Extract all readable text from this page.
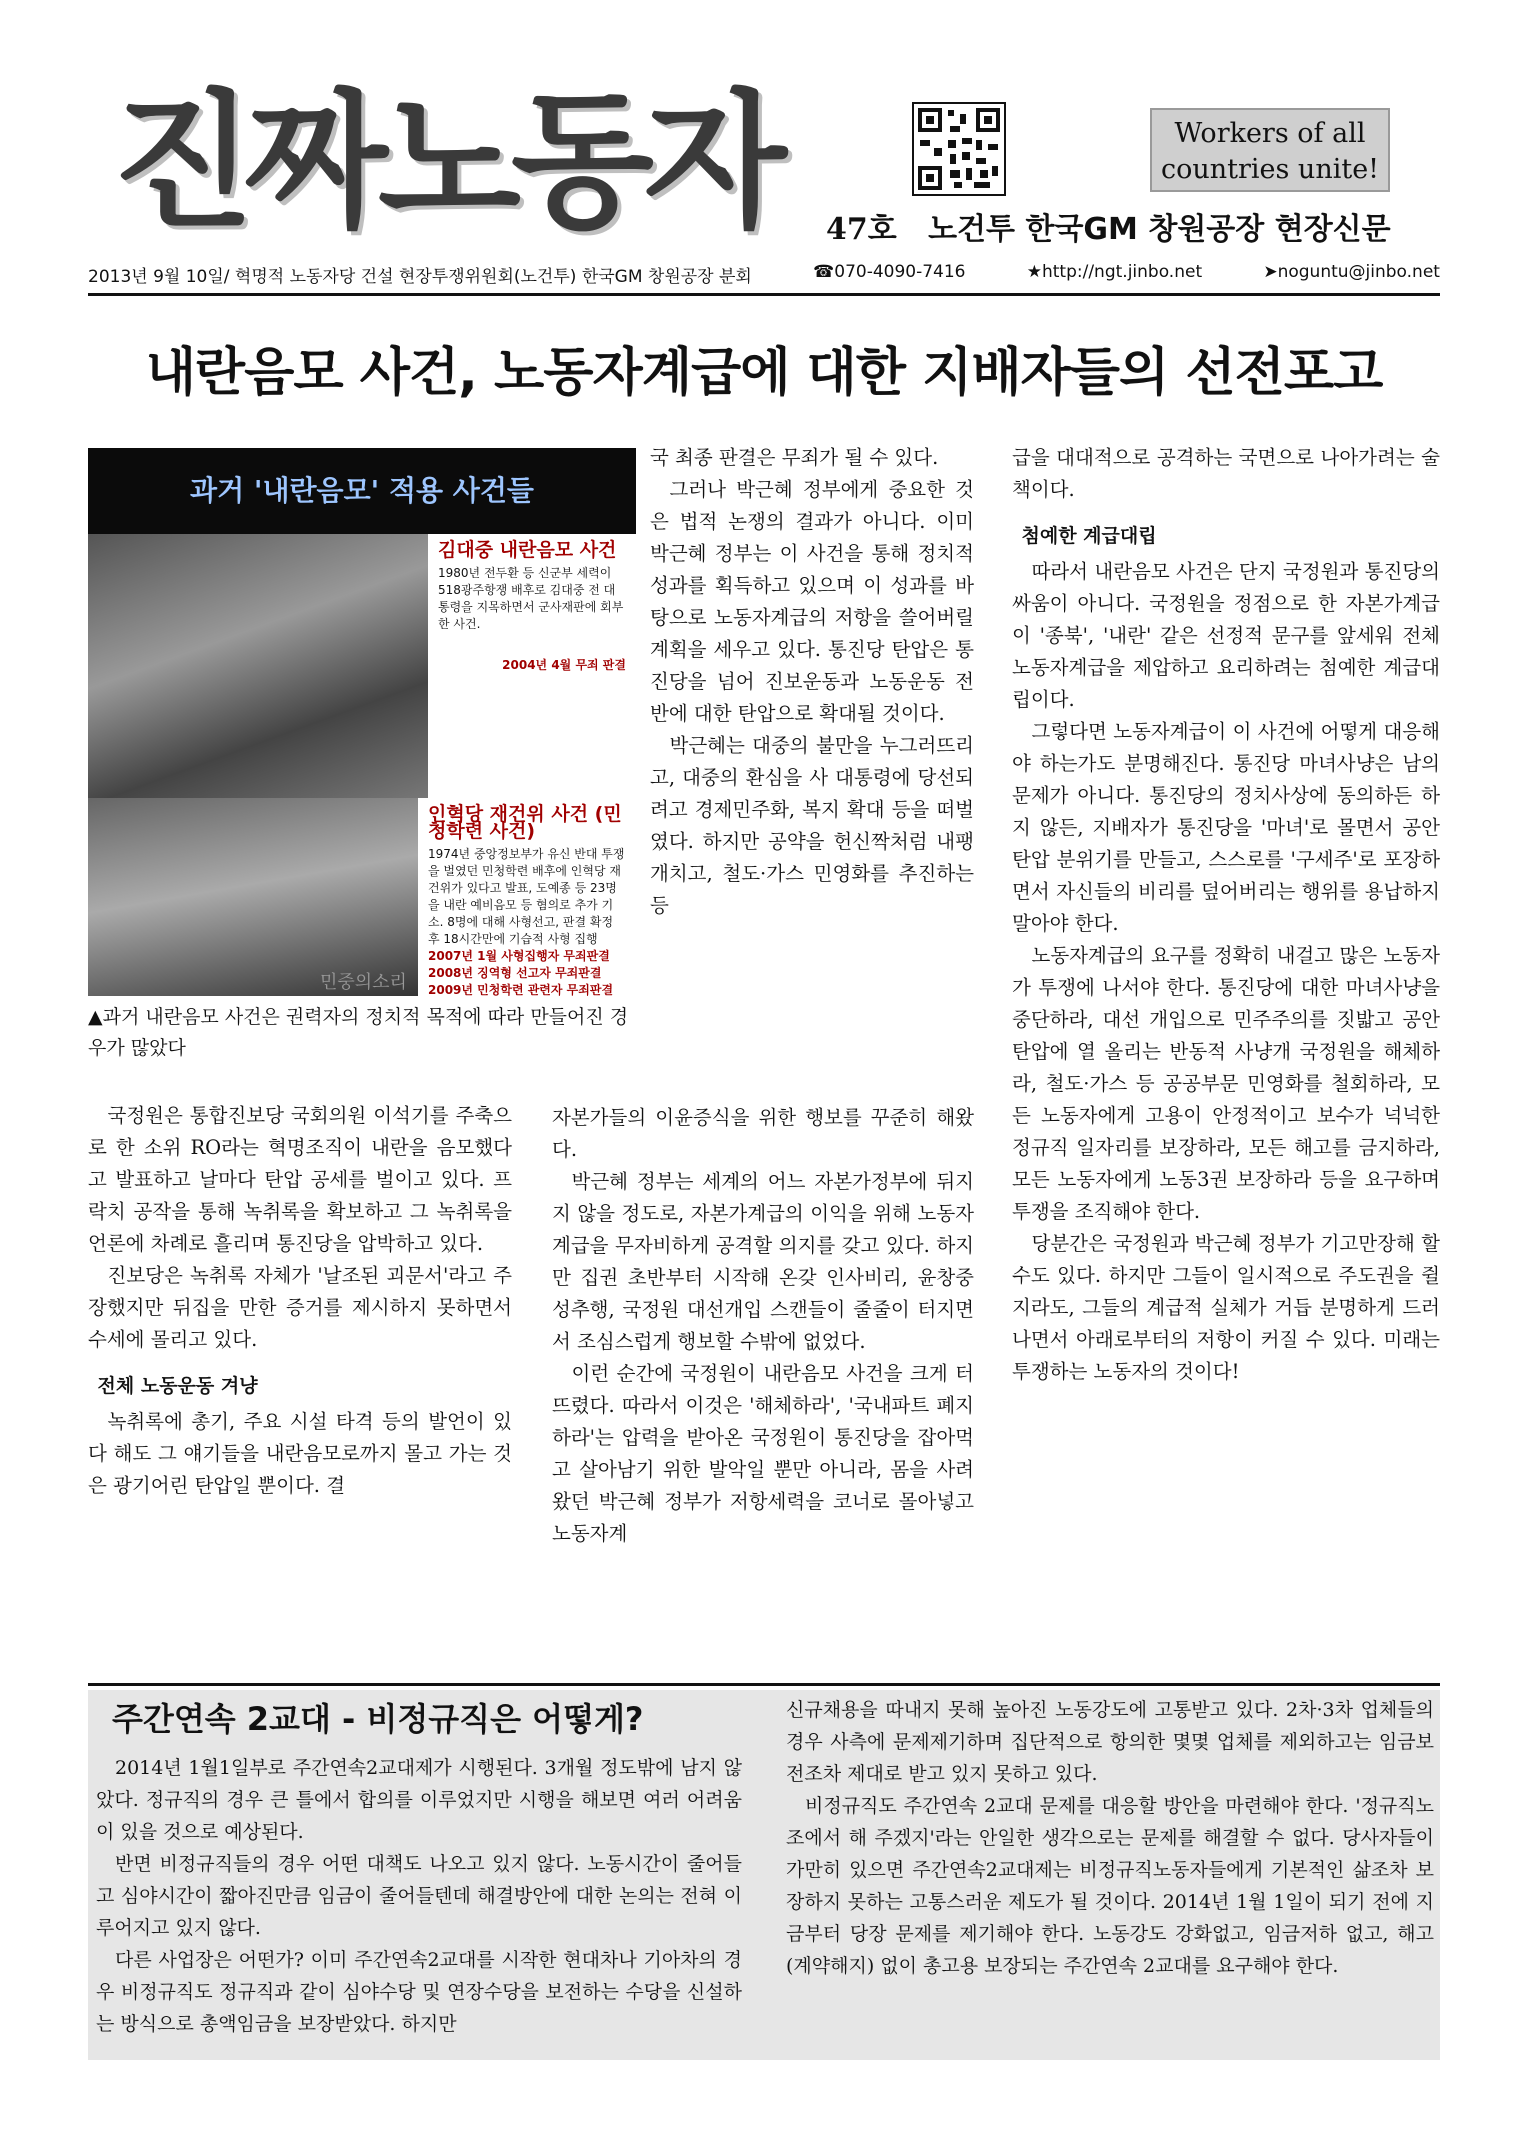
진짜노동자	Workers of all
countries unite!
47호 노건투 한국GM 창원공장 현장신문
2013년 9월 10일/ 혁명적 노동자당 건설 현장투쟁위원회(노건투) 한국GM 창원공장 분회	☎070-4090-7416	★http://ngt.jinbo.net	➤noguntu@jinbo.net
내란음모 사건, 노동자계급에 대한 지배자들의 선전포고
과거 '내란음모' 적용 사건들
김대중 내란음모 사건
1980년 전두환 등 신군부 세력이 518광주항쟁 배후로 김대중 전 대통령을 지목하면서 군사재판에 회부한 사건.
2004년 4월 무죄 판결
인혁당 재건위 사건 (민청학련 사건)
1974년 중앙정보부가 유신 반대 투쟁을 벌였던 민청학련 배후에 인혁당 재건위가 있다고 발표, 도예종 등 23명을 내란 예비음모 등 혐의로 추가 기소. 8명에 대해 사형선고, 판결 확정 후 18시간만에 기습적 사형 집행
2007년 1월 사형집행자 무죄판결
2008년 징역형 선고자 무죄판결
2009년 민청학련 관련자 무죄판결
민중의소리
▲과거 내란음모 사건은 권력자의 정치적 목적에 따라 만들어진 경우가 많았다

국정원은 통합진보당 국회의원 이석기를 주축으로 한 소위 RO라는 혁명조직이 내란을 음모했다고 발표하고 날마다 탄압 공세를 벌이고 있다. 프락치 공작을 통해 녹취록을 확보하고 그 녹취록을 언론에 차례로 흘리며 통진당을 압박하고 있다.

진보당은 녹취록 자체가 '날조된 괴문서'라고 주장했지만 뒤집을 만한 증거를 제시하지 못하면서 수세에 몰리고 있다.

전체 노동운동 겨냥

녹취록에 총기, 주요 시설 타격 등의 발언이 있다 해도 그 얘기들을 내란음모로까지 몰고 가는 것은 광기어린 탄압일 뿐이다. 결

국 최종 판결은 무죄가 될 수 있다.

그러나 박근혜 정부에게 중요한 것은 법적 논쟁의 결과가 아니다. 이미 박근혜 정부는 이 사건을 통해 정치적 성과를 획득하고 있으며 이 성과를 바탕으로 노동자계급의 저항을 쓸어버릴 계획을 세우고 있다. 통진당 탄압은 통진당을 넘어 진보운동과 노동운동 전반에 대한 탄압으로 확대될 것이다.

박근혜는 대중의 불만을 누그러뜨리고, 대중의 환심을 사 대통령에 당선되려고 경제민주화, 복지 확대 등을 떠벌였다. 하지만 공약을 헌신짝처럼 내팽개치고, 철도·가스 민영화를 추진하는 등

자본가들의 이윤증식을 위한 행보를 꾸준히 해왔다.

박근혜 정부는 세계의 어느 자본가정부에 뒤지지 않을 정도로, 자본가계급의 이익을 위해 노동자계급을 무자비하게 공격할 의지를 갖고 있다. 하지만 집권 초반부터 시작해 온갖 인사비리, 윤창중 성추행, 국정원 대선개입 스캔들이 줄줄이 터지면서 조심스럽게 행보할 수밖에 없었다.

이런 순간에 국정원이 내란음모 사건을 크게 터뜨렸다. 따라서 이것은 '해체하라', '국내파트 폐지하라'는 압력을 받아온 국정원이 통진당을 잡아먹고 살아남기 위한 발악일 뿐만 아니라, 몸을 사려왔던 박근혜 정부가 저항세력을 코너로 몰아넣고 노동자계

급을 대대적으로 공격하는 국면으로 나아가려는 술책이다.

첨예한 계급대립

따라서 내란음모 사건은 단지 국정원과 통진당의 싸움이 아니다. 국정원을 정점으로 한 자본가계급이 '종북', '내란' 같은 선정적 문구를 앞세워 전체 노동자계급을 제압하고 요리하려는 첨예한 계급대립이다.

그렇다면 노동자계급이 이 사건에 어떻게 대응해야 하는가도 분명해진다. 통진당 마녀사냥은 남의 문제가 아니다. 통진당의 정치사상에 동의하든 하지 않든, 지배자가 통진당을 '마녀'로 몰면서 공안탄압 분위기를 만들고, 스스로를 '구세주'로 포장하면서 자신들의 비리를 덮어버리는 행위를 용납하지 말아야 한다.

노동자계급의 요구를 정확히 내걸고 많은 노동자가 투쟁에 나서야 한다. 통진당에 대한 마녀사냥을 중단하라, 대선 개입으로 민주주의를 짓밟고 공안탄압에 열 올리는 반동적 사냥개 국정원을 해체하라, 철도·가스 등 공공부문 민영화를 철회하라, 모든 노동자에게 고용이 안정적이고 보수가 넉넉한 정규직 일자리를 보장하라, 모든 해고를 금지하라, 모든 노동자에게 노동3권 보장하라 등을 요구하며 투쟁을 조직해야 한다.

당분간은 국정원과 박근혜 정부가 기고만장해 할 수도 있다. 하지만 그들이 일시적으로 주도권을 쥘지라도, 그들의 계급적 실체가 거듭 분명하게 드러나면서 아래로부터의 저항이 커질 수 있다. 미래는 투쟁하는 노동자의 것이다!

주간연속 2교대 - 비정규직은 어떻게?

2014년 1월1일부로 주간연속2교대제가 시행된다. 3개월 정도밖에 남지 않았다. 정규직의 경우 큰 틀에서 합의를 이루었지만 시행을 해보면 여러 어려움이 있을 것으로 예상된다.

반면 비정규직들의 경우 어떤 대책도 나오고 있지 않다. 노동시간이 줄어들고 심야시간이 짧아진만큼 임금이 줄어들텐데 해결방안에 대한 논의는 전혀 이루어지고 있지 않다.

다른 사업장은 어떤가? 이미 주간연속2교대를 시작한 현대차나 기아차의 경우 비정규직도 정규직과 같이 심야수당 및 연장수당을 보전하는 수당을 신설하는 방식으로 총액임금을 보장받았다. 하지만

신규채용을 따내지 못해 높아진 노동강도에 고통받고 있다. 2차·3차 업체들의 경우 사측에 문제제기하며 집단적으로 항의한 몇몇 업체를 제외하고는 임금보전조차 제대로 받고 있지 못하고 있다.

비정규직도 주간연속 2교대 문제를 대응할 방안을 마련해야 한다. '정규직노조에서 해 주겠지'라는 안일한 생각으로는 문제를 해결할 수 없다. 당사자들이 가만히 있으면 주간연속2교대제는 비정규직노동자들에게 기본적인 삶조차 보장하지 못하는 고통스러운 제도가 될 것이다. 2014년 1월 1일이 되기 전에 지금부터 당장 문제를 제기해야 한다. 노동강도 강화없고, 임금저하 없고, 해고(계약해지) 없이 총고용 보장되는 주간연속 2교대를 요구해야 한다.
